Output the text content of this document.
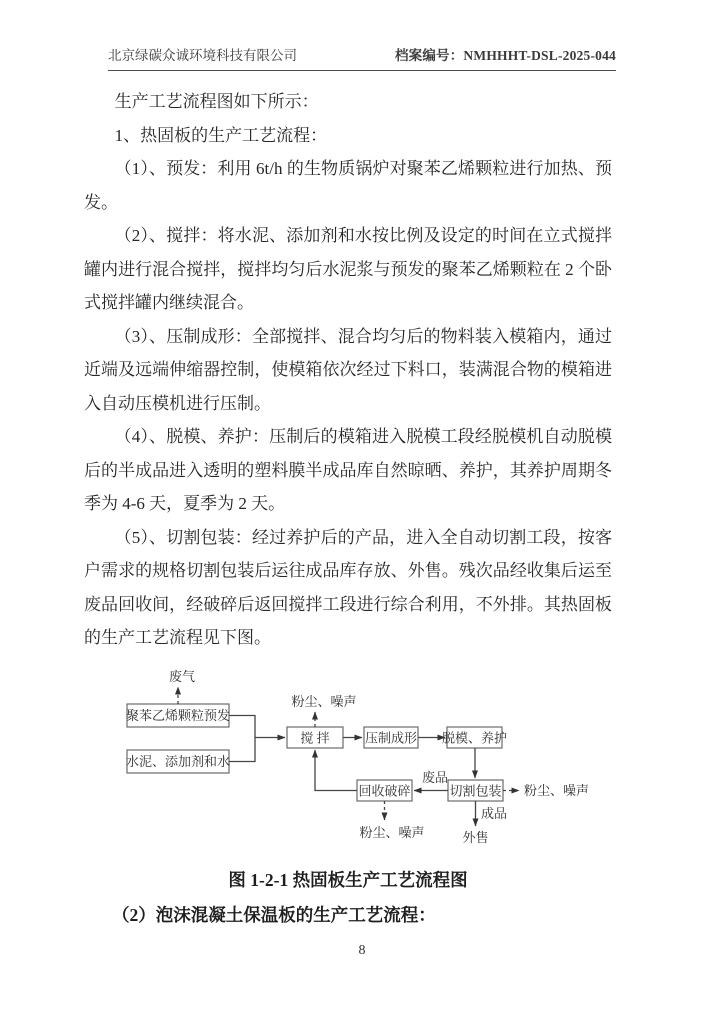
北京绿碳众诚环境科技有限公司	档案编号：NMHHHT-DSL-2025-044

生产工艺流程图如下所示：

1、热固板的生产工艺流程：

（1）、预发：利用 6t/h 的生物质锅炉对聚苯乙烯颗粒进行加热、预发。

（2）、搅拌：将水泥、添加剂和水按比例及设定的时间在立式搅拌罐内进行混合搅拌，搅拌均匀后水泥浆与预发的聚苯乙烯颗粒在 2 个卧式搅拌罐内继续混合。

（3）、压制成形：全部搅拌、混合均匀后的物料装入模箱内，通过近端及远端伸缩器控制，使模箱依次经过下料口，装满混合物的模箱进入自动压模机进行压制。

（4）、脱模、养护：压制后的模箱进入脱模工段经脱模机自动脱模后的半成品进入透明的塑料膜半成品库自然晾晒、养护，其养护周期冬季为 4-6 天，夏季为 2 天。

（5）、切割包装：经过养护后的产品，进入全自动切割工段，按客户需求的规格切割包装后运往成品库存放、外售。残次品经收集后运至废品回收间，经破碎后返回搅拌工段进行综合利用，不外排。其热固板的生产工艺流程见下图。

聚苯乙烯颗粒预发
水泥、添加剂和水
搅 拌	压制成形 脱模、养护
切割包装
回收破碎
废品
废气
粉尘、噪声
粉尘、噪声
粉尘、噪声
成品
外售
图 1-2-1 热固板生产工艺流程图

（2）泡沫混凝土保温板的生产工艺流程：

8
